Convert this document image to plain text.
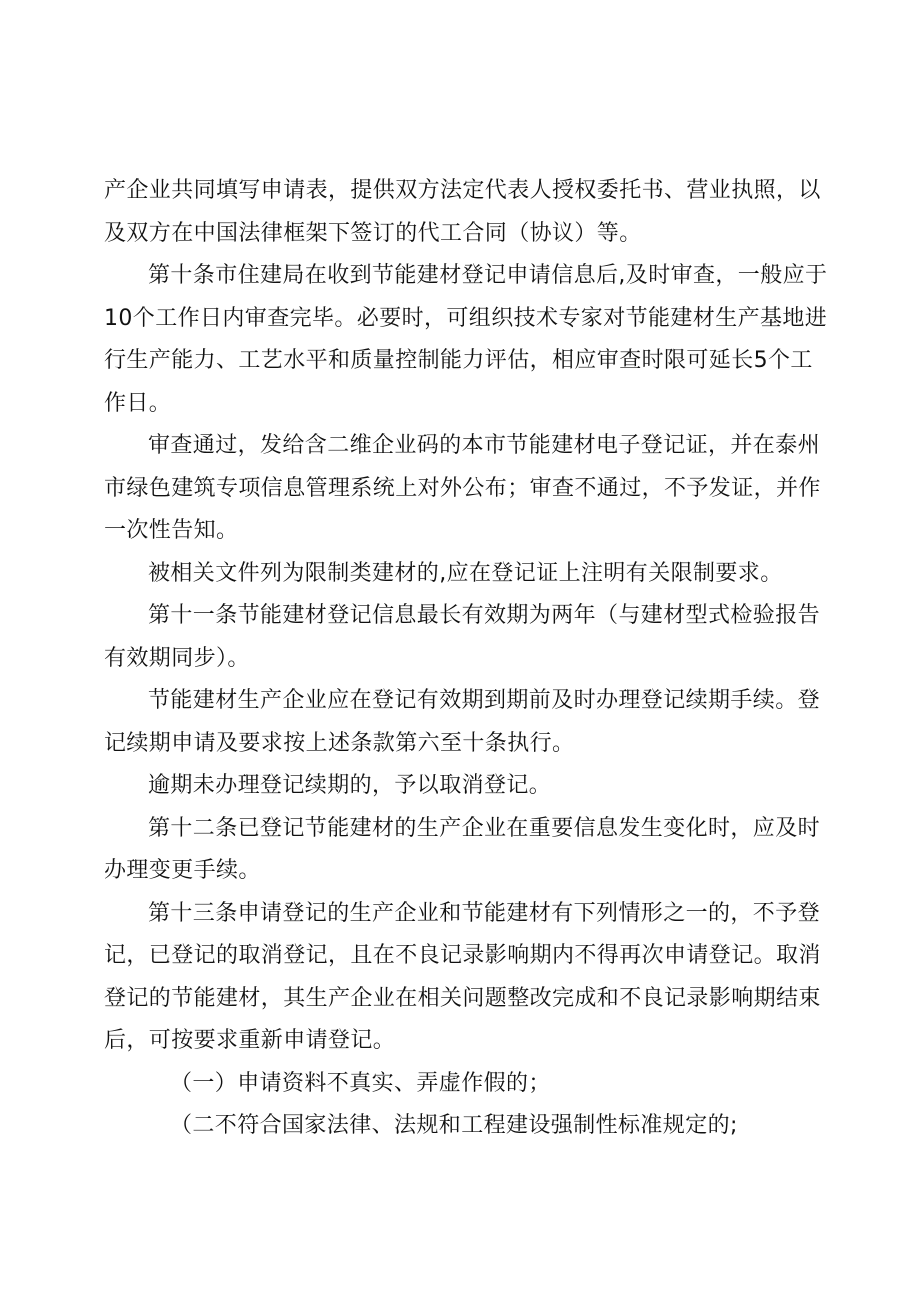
产企业共同填写申请表，提供双方法定代表人授权委托书、营业执照，以及双方在中国法律框架下签订的代工合同（协议）等。

第十条市住建局在收到节能建材登记申请信息后,及时审查，一般应于10个工作日内审查完毕。必要时，可组织技术专家对节能建材生产基地进行生产能力、工艺水平和质量控制能力评估，相应审查时限可延长5个工作日。

审查通过，发给含二维企业码的本市节能建材电子登记证，并在泰州市绿色建筑专项信息管理系统上对外公布；审查不通过，不予发证，并作一次性告知。

被相关文件列为限制类建材的,应在登记证上注明有关限制要求。

第十一条节能建材登记信息最长有效期为两年（与建材型式检验报告有效期同步）。

节能建材生产企业应在登记有效期到期前及时办理登记续期手续。登记续期申请及要求按上述条款第六至十条执行。

逾期未办理登记续期的，予以取消登记。

第十二条已登记节能建材的生产企业在重要信息发生变化时，应及时办理变更手续。

第十三条申请登记的生产企业和节能建材有下列情形之一的，不予登记，已登记的取消登记，且在不良记录影响期内不得再次申请登记。取消登记的节能建材，其生产企业在相关问题整改完成和不良记录影响期结束后，可按要求重新申请登记。

（一）申请资料不真实、弄虚作假的；

（二不符合国家法律、法规和工程建设强制性标准规定的;
